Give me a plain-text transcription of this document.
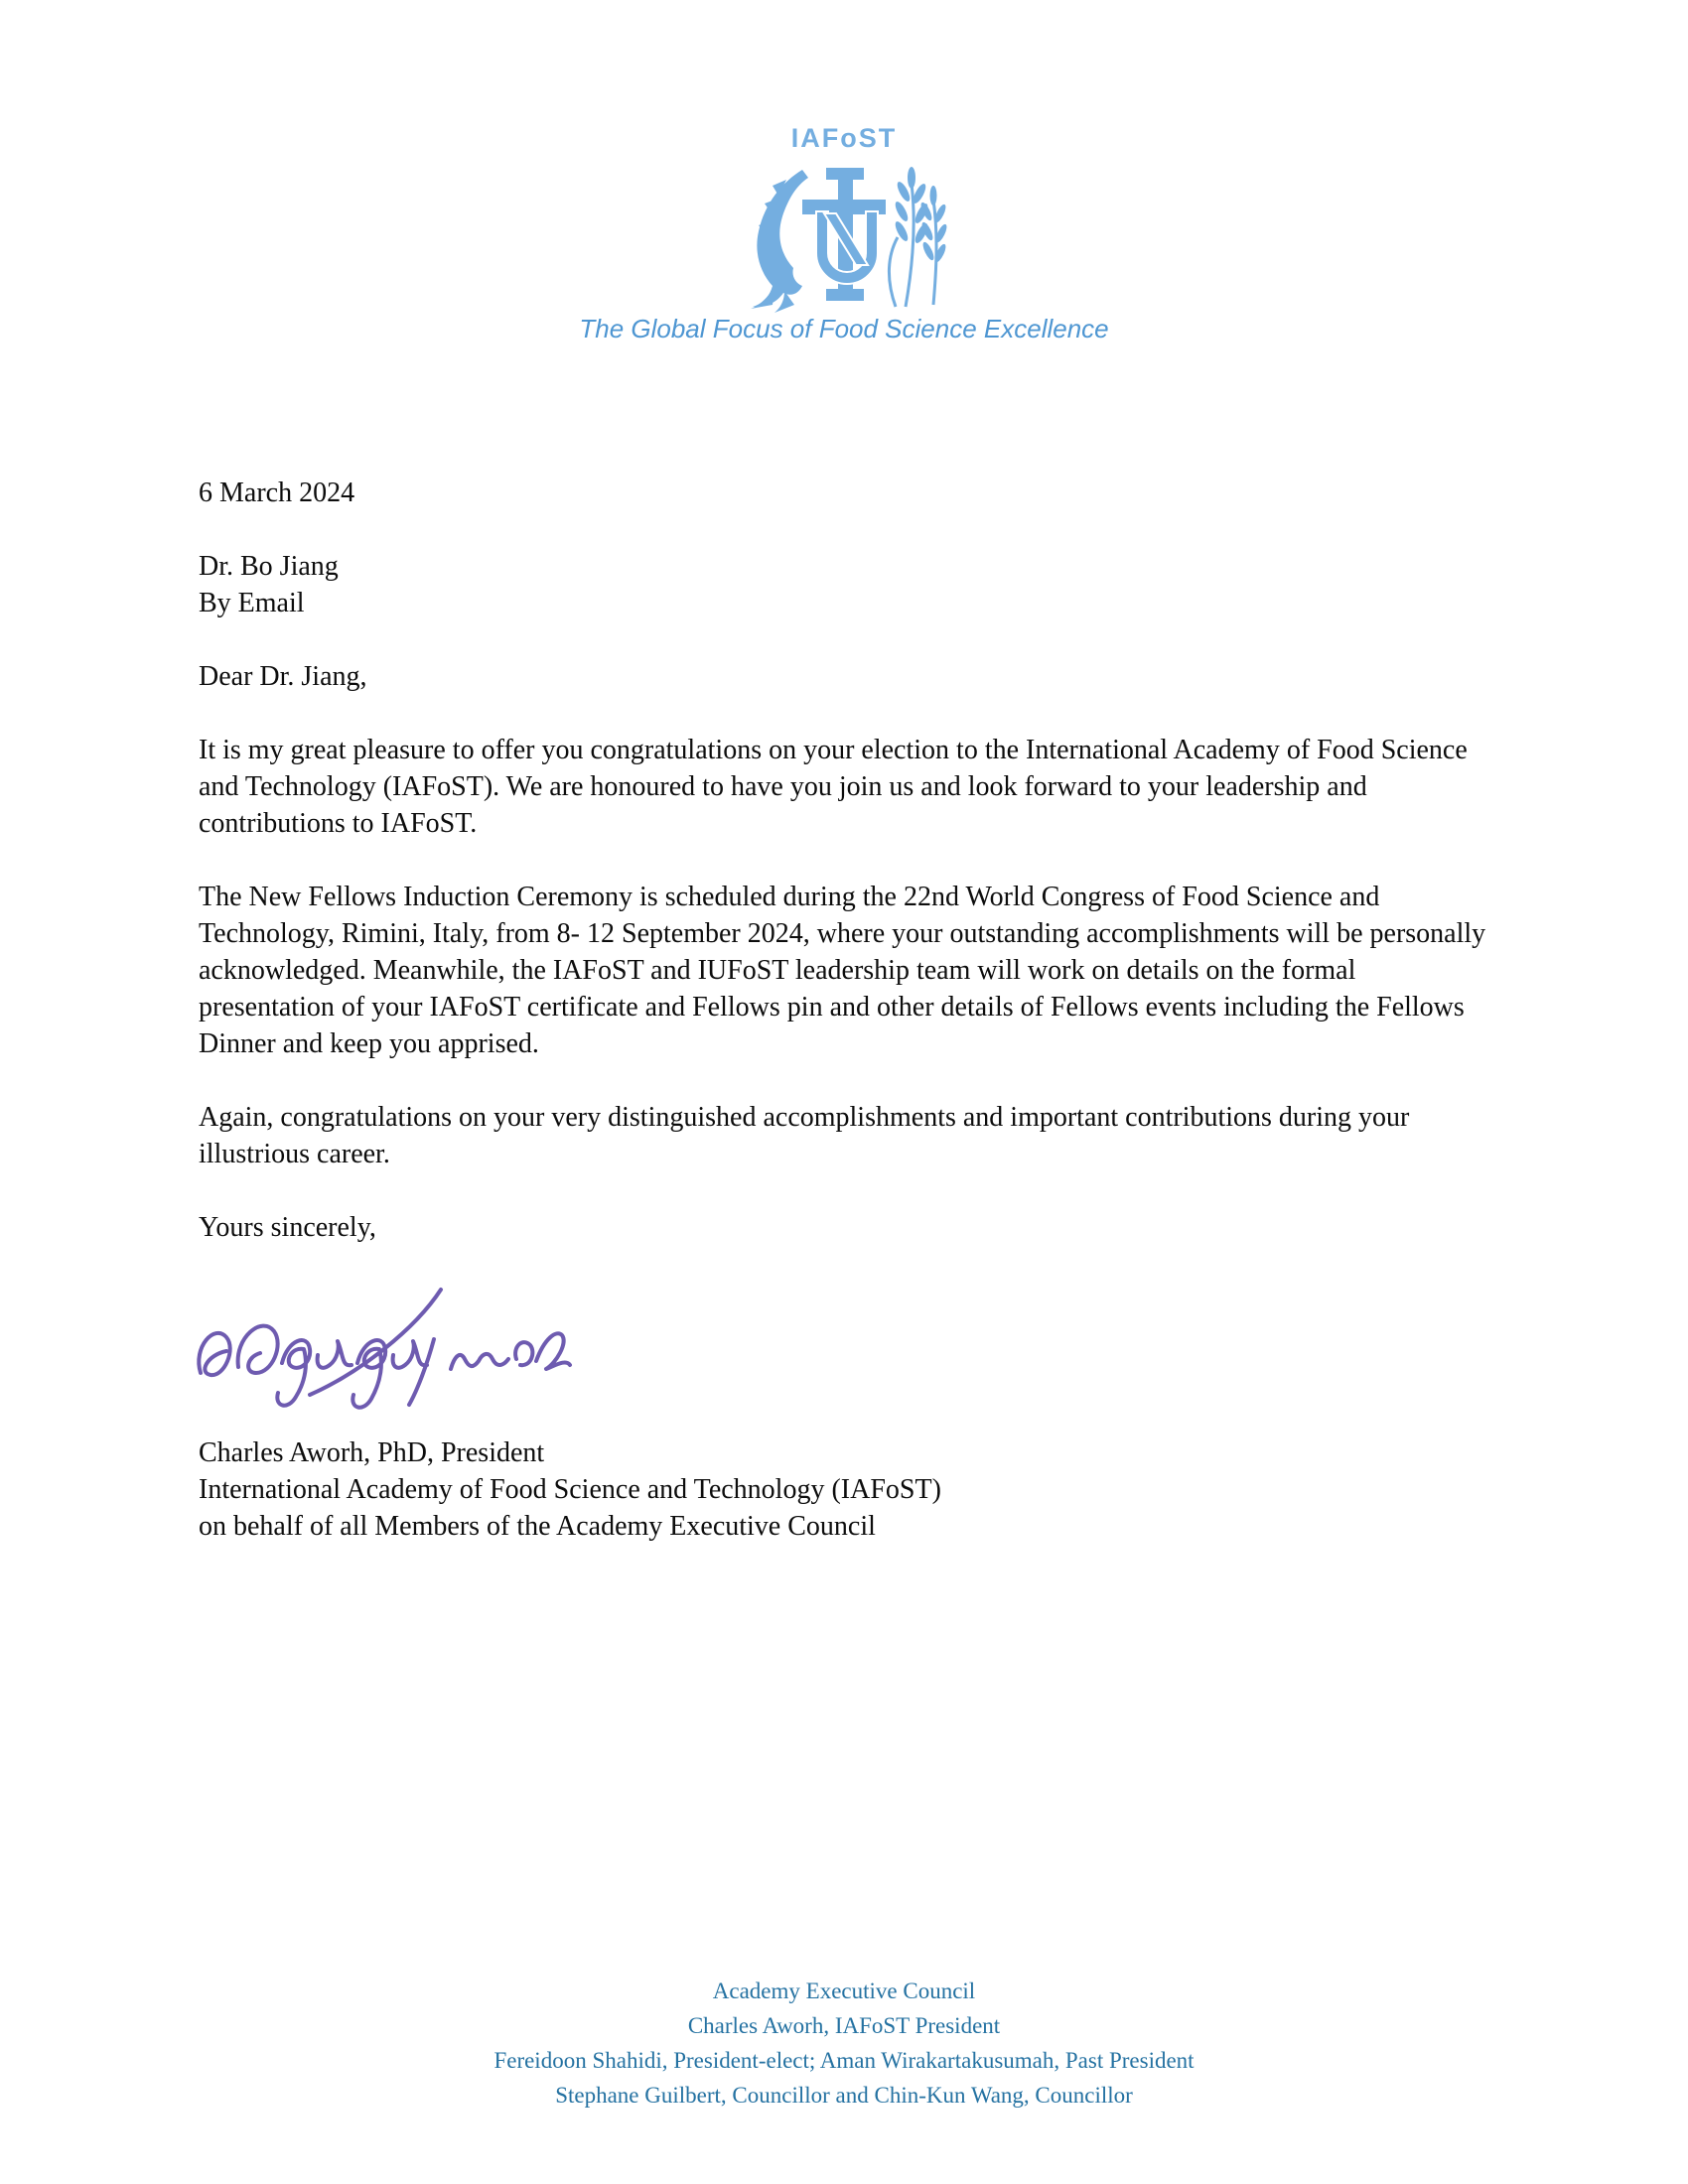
IAFoST
The Global Focus of Food Science Excellence

6 March 2024

Dr. Bo Jiang
By Email

Dear Dr. Jiang,

It is my great pleasure to offer you congratulations on your election to the International Academy of Food Science and Technology (IAFoST). We are honoured to have you join us and look forward to your leadership and contributions to IAFoST.

The New Fellows Induction Ceremony is scheduled during the 22nd World Congress of Food Science and Technology, Rimini, Italy, from 8- 12 September 2024, where your outstanding accomplishments will be personally acknowledged. Meanwhile, the IAFoST and IUFoST leadership team will work on details on the formal presentation of your IAFoST certificate and Fellows pin and other details of Fellows events including the Fellows Dinner and keep you apprised.

Again, congratulations on your very distinguished accomplishments and important contributions during your illustrious career.

Yours sincerely,

Charles Aworh, PhD, President
International Academy of Food Science and Technology (IAFoST)
on behalf of all Members of the Academy Executive Council

Academy Executive Council
Charles Aworh, IAFoST President
Fereidoon Shahidi, President-elect; Aman Wirakartakusumah, Past President
Stephane Guilbert, Councillor and Chin-Kun Wang, Councillor
